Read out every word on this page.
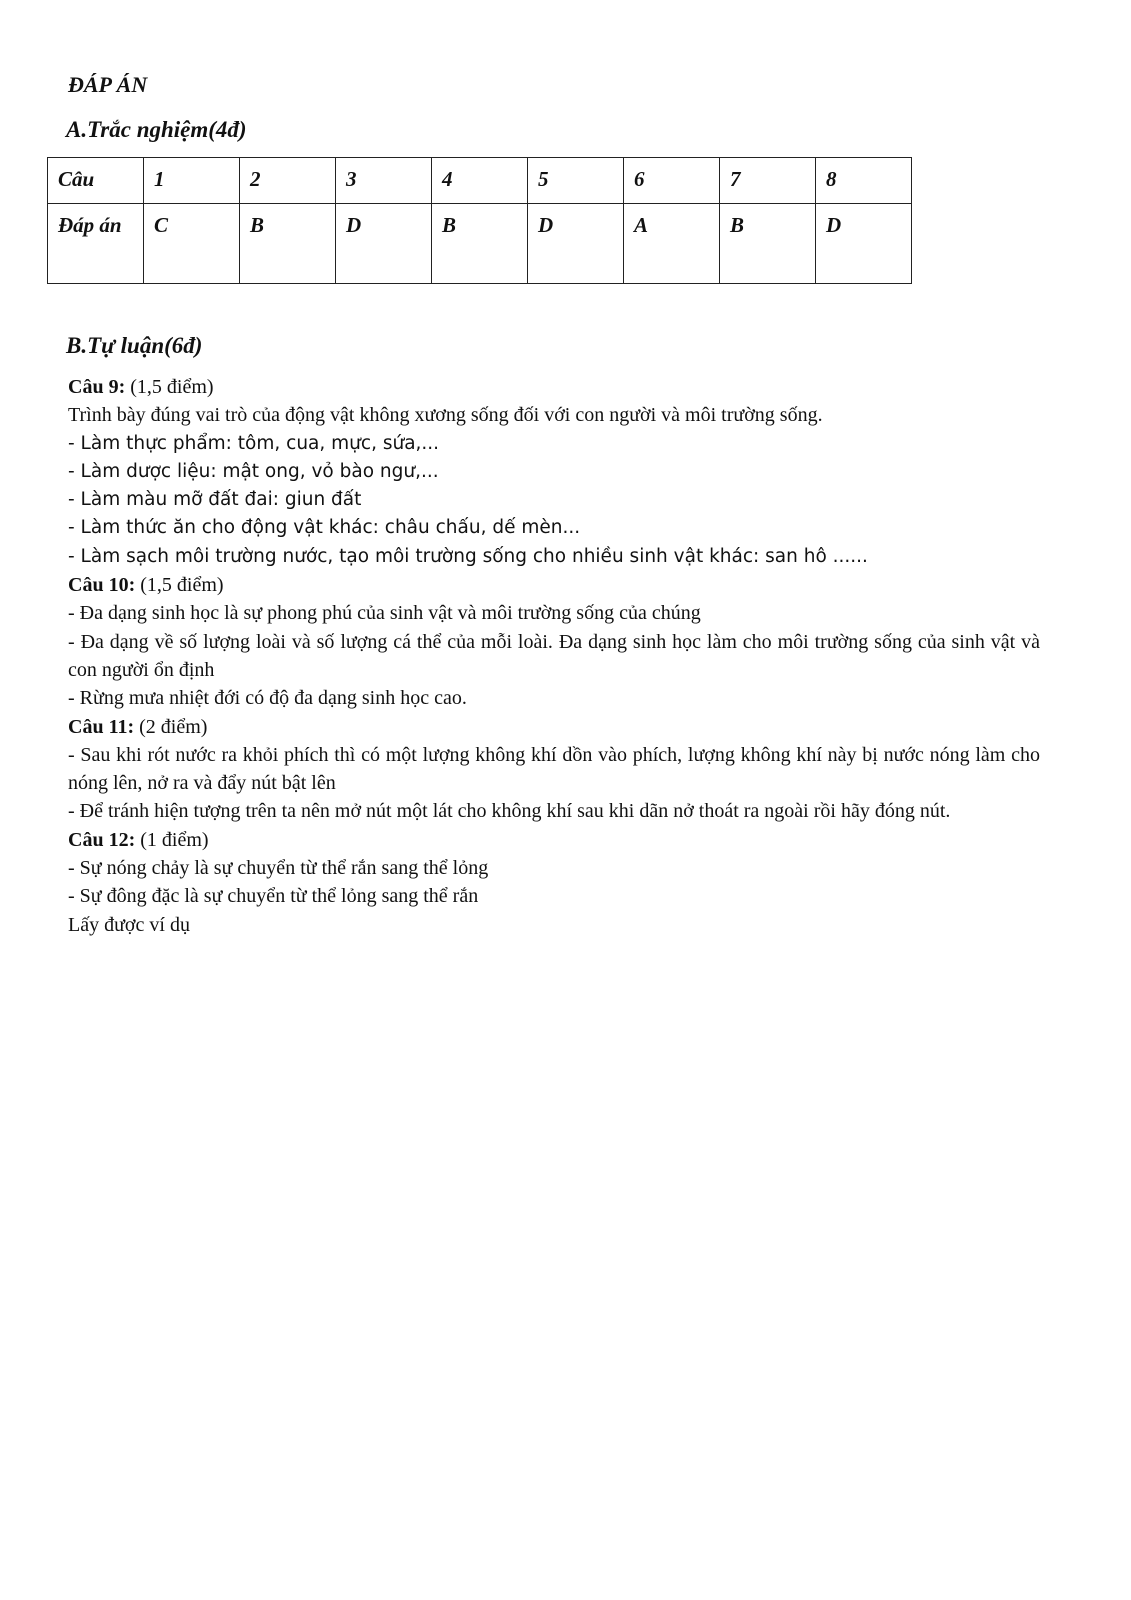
ĐÁP ÁN
A.Trắc nghiệm(4đ)
Câu	1	2	3	4	5	6	7	8
Đáp án	C	B	D	B	D	A	B	D
B.Tự luận(6đ)
Câu 9: (1,5 điểm)
Trình bày đúng vai trò của động vật không xương sống đối với con người và môi trường sống.
- Làm thực phẩm: tôm, cua, mực, sứa,...
- Làm dược liệu: mật ong, vỏ bào ngư,...
- Làm màu mỡ đất đai: giun đất
- Làm thức ăn cho động vật khác: châu chấu, dế mèn...
- Làm sạch môi trường nước, tạo môi trường sống cho nhiều sinh vật khác: san hô ......
Câu 10: (1,5 điểm)
- Đa dạng sinh học là sự phong phú của sinh vật và môi trường sống của chúng
- Đa dạng về số lượng loài và số lượng cá thể của mỗi loài. Đa dạng sinh học làm cho môi trường sống của sinh vật và con người ổn định
- Rừng mưa nhiệt đới có độ đa dạng sinh học cao.
Câu 11: (2 điểm)
- Sau khi rót nước ra khỏi phích thì có một lượng không khí dồn vào phích, lượng không khí này bị nước nóng làm cho nóng lên, nở ra và đẩy nút bật lên
- Để tránh hiện tượng trên ta nên mở nút một lát cho không khí sau khi dãn nở thoát ra ngoài rồi hãy đóng nút.
Câu 12: (1 điểm)
- Sự nóng chảy là sự chuyển từ thể rắn sang thể lỏng
- Sự đông đặc là sự chuyển từ thể lỏng sang thể rắn
Lấy được ví dụ
